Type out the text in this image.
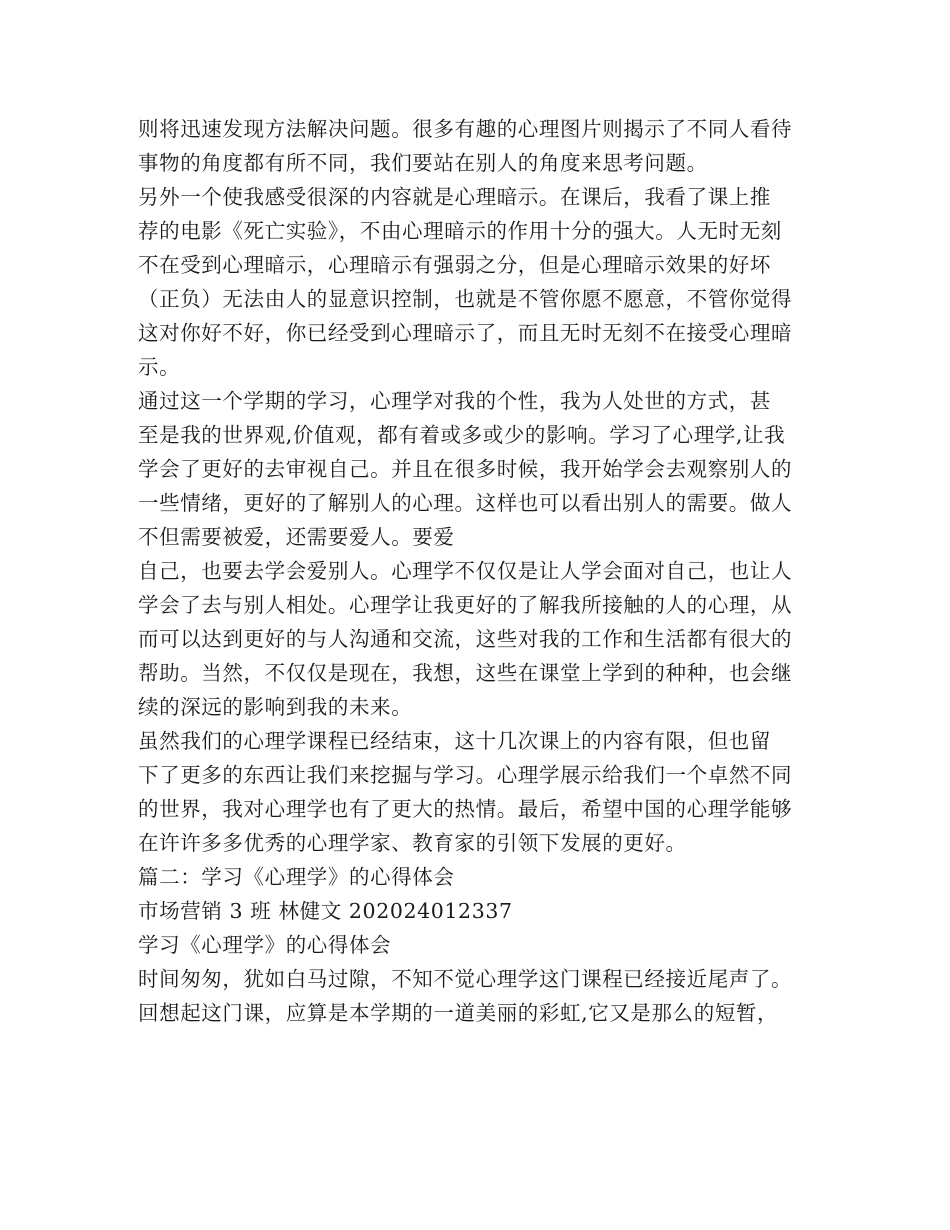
则将迅速发现方法解决问题。很多有趣的心理图片则揭示了不同人看待
事物的角度都有所不同，我们要站在别人的角度来思考问题。
另外一个使我感受很深的内容就是心理暗示。在课后，我看了课上推
荐的电影《死亡实验》，不由心理暗示的作用十分的强大。人无时无刻
不在受到心理暗示，心理暗示有强弱之分，但是心理暗示效果的好坏
（正负）无法由人的显意识控制，也就是不管你愿不愿意，不管你觉得
这对你好不好，你已经受到心理暗示了，而且无时无刻不在接受心理暗
示。
通过这一个学期的学习，心理学对我的个性，我为人处世的方式，甚
至是我的世界观,价值观，都有着或多或少的影响。学习了心理学,让我
学会了更好的去审视自己。并且在很多时候，我开始学会去观察别人的
一些情绪，更好的了解别人的心理。这样也可以看出别人的需要。做人
不但需要被爱，还需要爱人。要爱
自己，也要去学会爱别人。心理学不仅仅是让人学会面对自己，也让人
学会了去与别人相处。心理学让我更好的了解我所接触的人的心理，从
而可以达到更好的与人沟通和交流，这些对我的工作和生活都有很大的
帮助。当然，不仅仅是现在，我想，这些在课堂上学到的种种，也会继
续的深远的影响到我的未来。
虽然我们的心理学课程已经结束，这十几次课上的内容有限，但也留
下了更多的东西让我们来挖掘与学习。心理学展示给我们一个卓然不同
的世界，我对心理学也有了更大的热情。最后，希望中国的心理学能够
在许许多多优秀的心理学家、教育家的引领下发展的更好。
篇二：学习《心理学》的心得体会
市场营销 3 班 林健文 202024012337
学习《心理学》的心得体会
时间匆匆，犹如白马过隙，不知不觉心理学这门课程已经接近尾声了。
回想起这门课，应算是本学期的一道美丽的彩虹,它又是那么的短暂，
